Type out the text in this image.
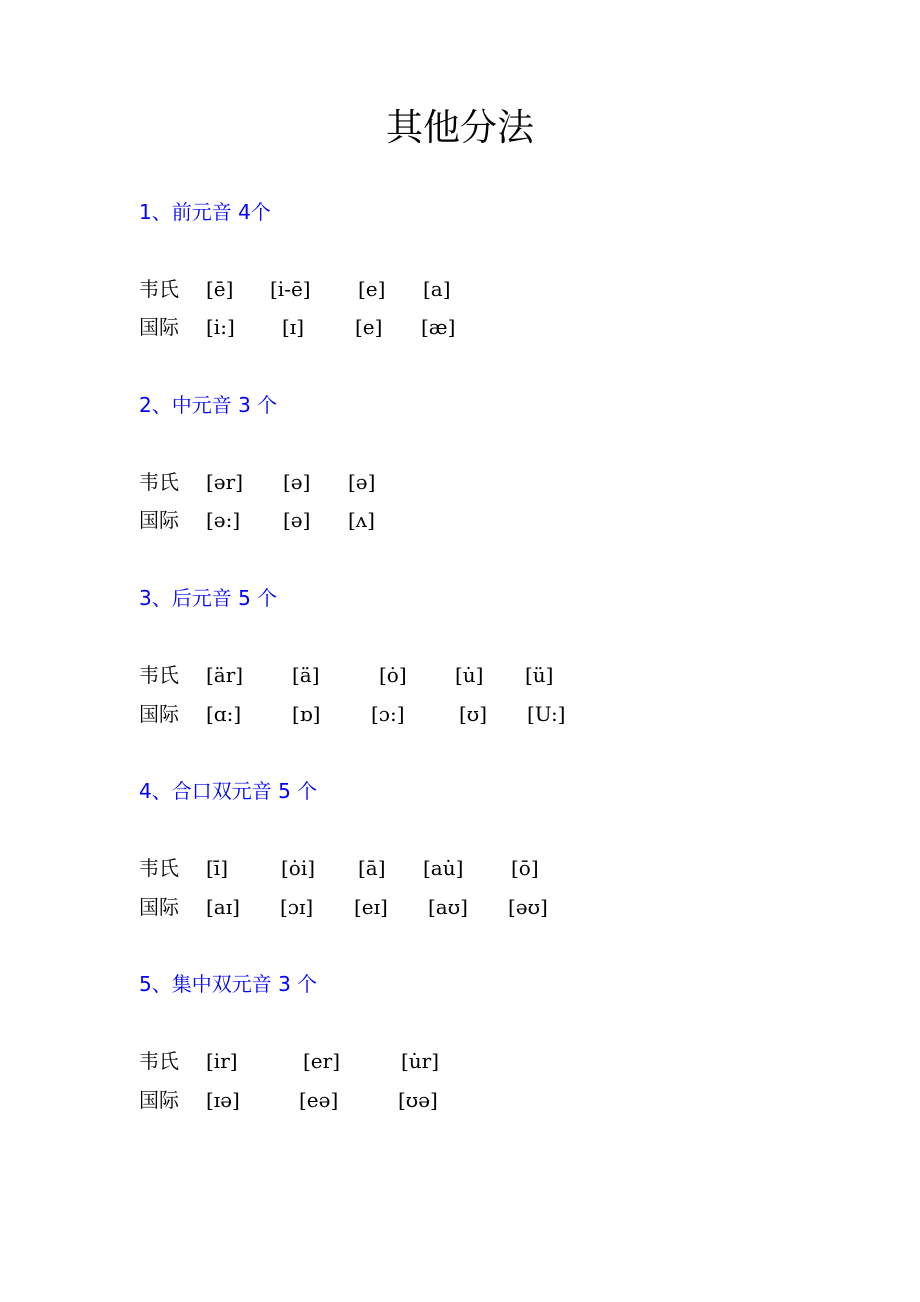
其他分法
1、前元音 4个
韦氏 [ē] [i-ē] [e] [a]
国际 [i:] [ɪ]	[e] [æ]
2、中元音 3 个
韦氏 [ər] [ə] [ə]
国际 [ə:] [ə] [ʌ]
3、后元音 5 个
韦氏 [är] [ä]	[ȯ] [u̇] [ü]
国际 [ɑ:]	[ɒ]	[ɔ:]	[ʊ] [U:]
4、合口双元音 5 个
韦氏 [ī]	[ȯi] [ā] [au̇] [ō]
国际 [aɪ] [ɔɪ] [eɪ] [aʊ] [əʊ]
5、集中双元音 3 个
韦氏 [ir]	[er]	[u̇r]
国际 [ɪə]	[eə]	[ʊə]
